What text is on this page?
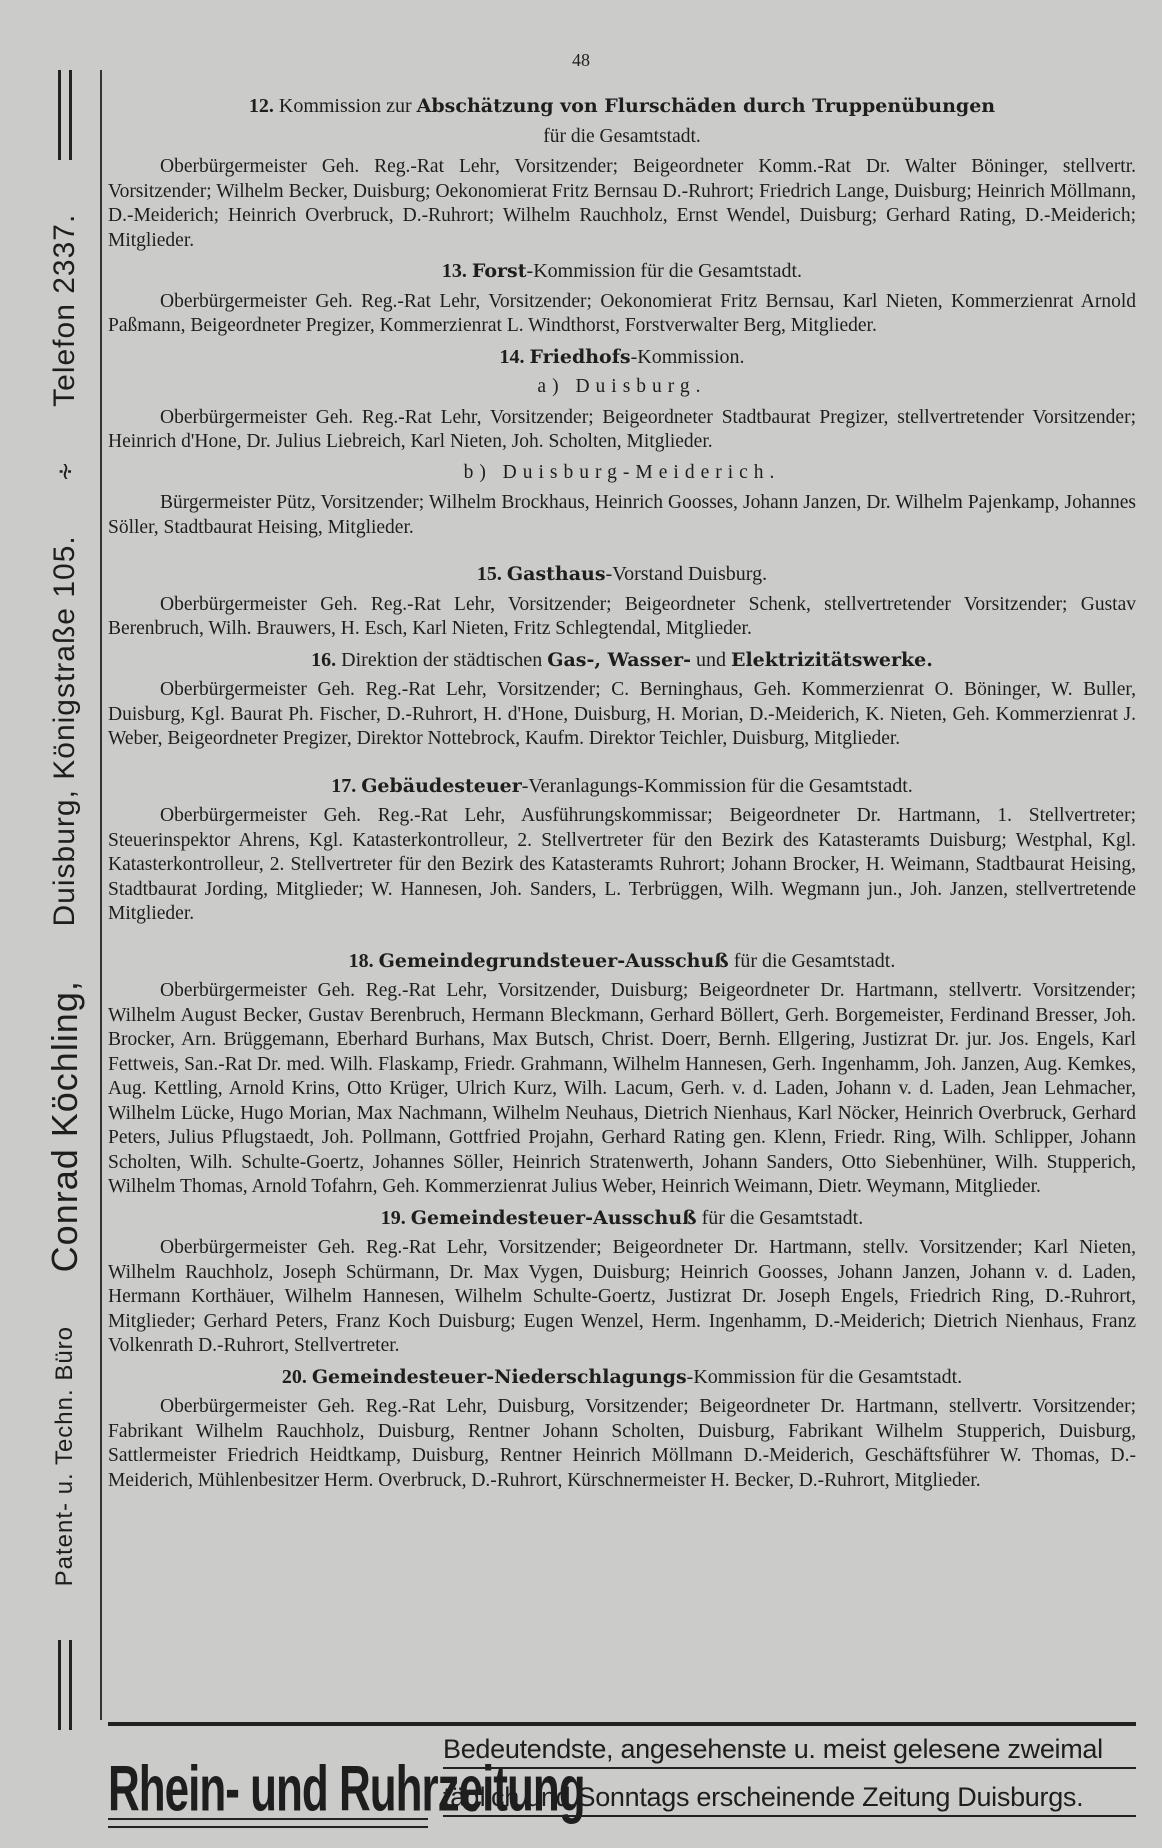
Patent- u. Techn. Büro
Conrad Köchling,
Duisburg, Königstraße 105.
∻
Telefon 2337.
48
12. Kommission zur Abschätzung von Flurschäden durch Truppenübungen
für die Gesamtstadt.

Oberbürgermeister Geh. Reg.-Rat Lehr, Vorsitzender; Beigeordneter Komm.-Rat Dr. Walter Böninger, stellvertr. Vorsitzender; Wilhelm Becker, Duisburg; Oekonomierat Fritz Bernsau D.-Ruhrort; Friedrich Lange, Duisburg; Heinrich Möllmann, D.-Meiderich; Heinrich Overbruck, D.-Ruhrort; Wilhelm Rauchholz, Ernst Wendel, Duisburg; Gerhard Rating, D.-Meiderich; Mitglieder.

13. Forst-Kommission für die Gesamtstadt.

Oberbürgermeister Geh. Reg.-Rat Lehr, Vorsitzender; Oekonomierat Fritz Bernsau, Karl Nieten, Kommerzienrat Arnold Paßmann, Beigeordneter Pregizer, Kommerzienrat L. Windthorst, Forstverwalter Berg, Mitglieder.

14. Friedhofs-Kommission.
a) Duisburg.

Oberbürgermeister Geh. Reg.-Rat Lehr, Vorsitzender; Beigeordneter Stadtbaurat Pregizer, stellvertretender Vorsitzender; Heinrich d'Hone, Dr. Julius Liebreich, Karl Nieten, Joh. Scholten, Mitglieder.

b) Duisburg-Meiderich.

Bürgermeister Pütz, Vorsitzender; Wilhelm Brockhaus, Heinrich Goosses, Johann Janzen, Dr. Wilhelm Pajenkamp, Johannes Söller, Stadtbaurat Heising, Mitglieder.

15. Gasthaus-Vorstand Duisburg.

Oberbürgermeister Geh. Reg.-Rat Lehr, Vorsitzender; Beigeordneter Schenk, stellvertretender Vorsitzender; Gustav Berenbruch, Wilh. Brauwers, H. Esch, Karl Nieten, Fritz Schlegtendal, Mitglieder.

16. Direktion der städtischen Gas-, Wasser- und Elektrizitätswerke.

Oberbürgermeister Geh. Reg.-Rat Lehr, Vorsitzender; C. Berninghaus, Geh. Kommerzienrat O. Böninger, W. Buller, Duisburg, Kgl. Baurat Ph. Fischer, D.-Ruhrort, H. d'Hone, Duisburg, H. Morian, D.-Meiderich, K. Nieten, Geh. Kommerzienrat J. Weber, Beigeordneter Pregizer, Direktor Nottebrock, Kaufm. Direktor Teichler, Duisburg, Mitglieder.

17. Gebäudesteuer-Veranlagungs-Kommission für die Gesamtstadt.

Oberbürgermeister Geh. Reg.-Rat Lehr, Ausführungskommissar; Beigeordneter Dr. Hartmann, 1. Stellvertreter; Steuerinspektor Ahrens, Kgl. Katasterkontrolleur, 2. Stellvertreter für den Bezirk des Katasteramts Duisburg; Westphal, Kgl. Katasterkontrolleur, 2. Stellvertreter für den Bezirk des Katasteramts Ruhrort; Johann Brocker, H. Weimann, Stadtbaurat Heising, Stadtbaurat Jording, Mitglieder; W. Hannesen, Joh. Sanders, L. Terbrüggen, Wilh. Wegmann jun., Joh. Janzen, stellvertretende Mitglieder.

18. Gemeindegrundsteuer-Ausschuß für die Gesamtstadt.

Oberbürgermeister Geh. Reg.-Rat Lehr, Vorsitzender, Duisburg; Beigeordneter Dr. Hartmann, stellvertr. Vorsitzender; Wilhelm August Becker, Gustav Berenbruch, Hermann Bleckmann, Gerhard Böllert, Gerh. Borgemeister, Ferdinand Bresser, Joh. Brocker, Arn. Brüggemann, Eberhard Burhans, Max Butsch, Christ. Doerr, Bernh. Ellgering, Justizrat Dr. jur. Jos. Engels, Karl Fettweis, San.-Rat Dr. med. Wilh. Flaskamp, Friedr. Grahmann, Wilhelm Hannesen, Gerh. Ingenhamm, Joh. Janzen, Aug. Kemkes, Aug. Kettling, Arnold Krins, Otto Krüger, Ulrich Kurz, Wilh. Lacum, Gerh. v. d. Laden, Johann v. d. Laden, Jean Lehmacher, Wilhelm Lücke, Hugo Morian, Max Nachmann, Wilhelm Neuhaus, Dietrich Nienhaus, Karl Nöcker, Heinrich Overbruck, Gerhard Peters, Julius Pflugstaedt, Joh. Pollmann, Gottfried Projahn, Gerhard Rating gen. Klenn, Friedr. Ring, Wilh. Schlipper, Johann Scholten, Wilh. Schulte-Goertz, Johannes Söller, Heinrich Stratenwerth, Johann Sanders, Otto Siebenhüner, Wilh. Stupperich, Wilhelm Thomas, Arnold Tofahrn, Geh. Kommerzienrat Julius Weber, Heinrich Weimann, Dietr. Weymann, Mitglieder.

19. Gemeindesteuer-Ausschuß für die Gesamtstadt.

Oberbürgermeister Geh. Reg.-Rat Lehr, Vorsitzender; Beigeordneter Dr. Hartmann, stellv. Vorsitzender; Karl Nieten, Wilhelm Rauchholz, Joseph Schürmann, Dr. Max Vygen, Duisburg; Heinrich Goosses, Johann Janzen, Johann v. d. Laden, Hermann Korthäuer, Wilhelm Hannesen, Wilhelm Schulte-Goertz, Justizrat Dr. Joseph Engels, Friedrich Ring, D.-Ruhrort, Mitglieder; Gerhard Peters, Franz Koch Duisburg; Eugen Wenzel, Herm. Ingenhamm, D.-Meiderich; Dietrich Nienhaus, Franz Volkenrath D.-Ruhrort, Stellvertreter.

20. Gemeindesteuer-Niederschlagungs-Kommission für die Gesamtstadt.

Oberbürgermeister Geh. Reg.-Rat Lehr, Duisburg, Vorsitzender; Beigeordneter Dr. Hartmann, stellvertr. Vorsitzender; Fabrikant Wilhelm Rauchholz, Duisburg, Rentner Johann Scholten, Duisburg, Fabrikant Wilhelm Stupperich, Duisburg, Sattlermeister Friedrich Heidtkamp, Duisburg, Rentner Heinrich Möllmann D.-Meiderich, Geschäftsführer W. Thomas, D.-Meiderich, Mühlenbesitzer Herm. Overbruck, D.-Ruhrort, Kürschnermeister H. Becker, D.-Ruhrort, Mitglieder.

Rhein- und Ruhrzeitung
Bedeutendste, angesehenste u. meist gelesene zweimal
täglich und Sonntags erscheinende Zeitung Duisburgs.
